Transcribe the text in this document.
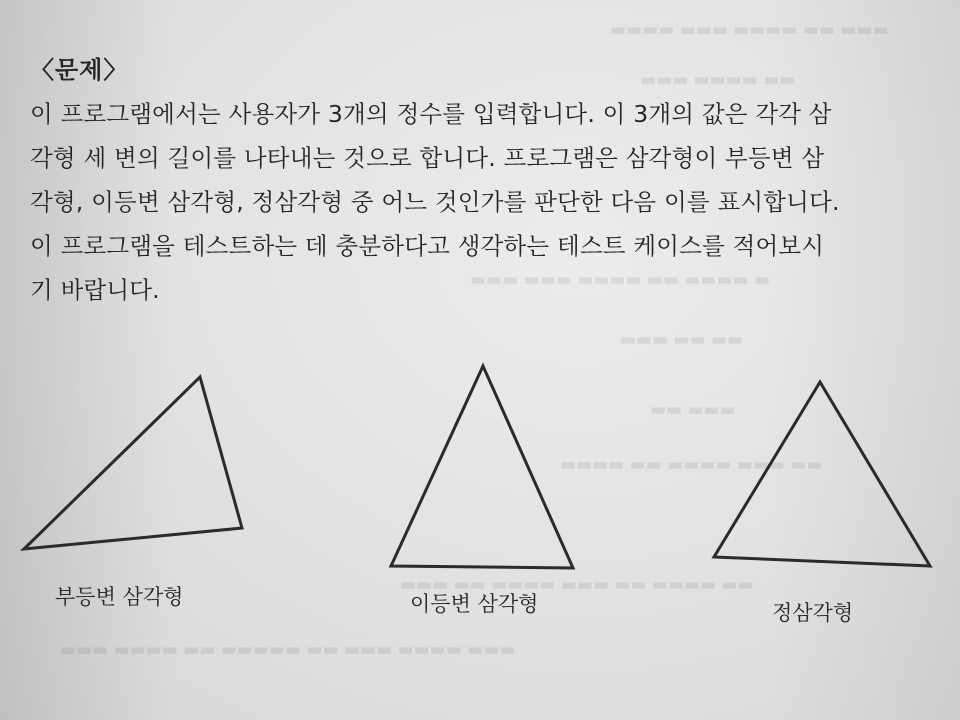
▬▬▬ ▬▬ ▬▬▬▬ ▬▬▬ ▬▬▬▬
▬▬ ▬▬▬▬ ▬▬▬
▬ ▬▬▬▬ ▬▬ ▬▬▬▬ ▬▬▬ ▬▬▬
▬▬ ▬▬ ▬▬▬
▬▬▬ ▬▬
▬▬ ▬▬▬ ▬▬▬▬ ▬▬ ▬▬▬▬
▬▬ ▬▬▬▬ ▬▬ ▬▬▬ ▬▬▬▬ ▬▬ ▬▬▬
▬▬▬ ▬▬▬▬ ▬▬▬ ▬▬ ▬▬▬▬▬ ▬▬ ▬▬▬▬ ▬▬▬
〈문제〉

이 프로그램에서는 사용자가 3개의 정수를 입력합니다. 이 3개의 값은 각각 삼
각형 세 변의 길이를 나타내는 것으로 합니다. 프로그램은 삼각형이 부등변 삼
각형, 이등변 삼각형, 정삼각형 중 어느 것인가를 판단한 다음 이를 표시합니다.
이 프로그램을 테스트하는 데 충분하다고 생각하는 테스트 케이스를 적어보시
기 바랍니다.

부등변 삼각형	이등변 삼각형	정삼각형
